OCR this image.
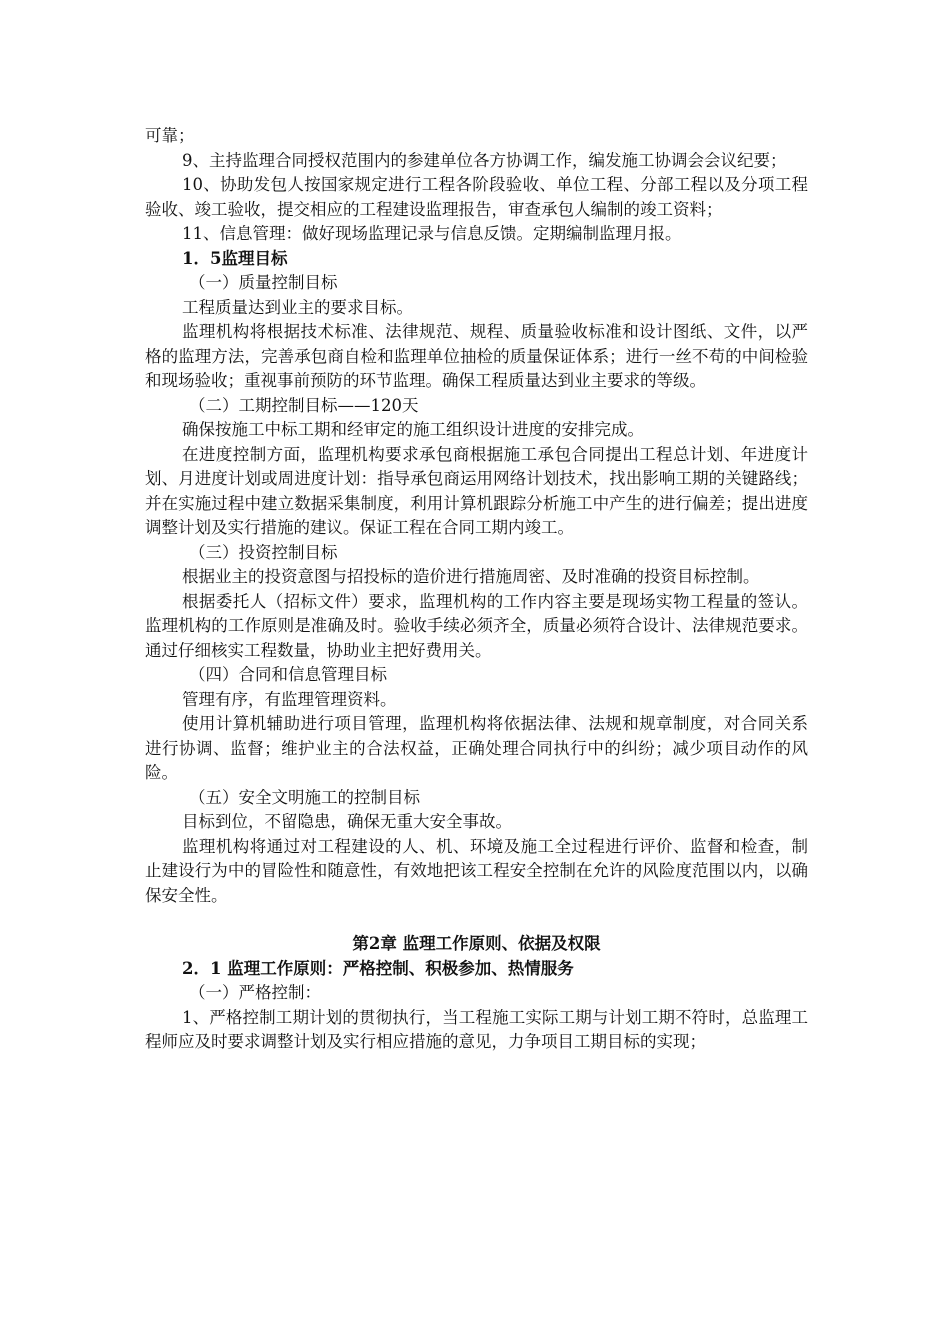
可靠；

9、主持监理合同授权范围内的参建单位各方协调工作，编发施工协调会会议纪要；

10、协助发包人按国家规定进行工程各阶段验收、单位工程、分部工程以及分项工程验收、竣工验收，提交相应的工程建设监理报告，审查承包人编制的竣工资料；

11、信息管理：做好现场监理记录与信息反馈。定期编制监理月报。

1．5监理目标

（一）质量控制目标

工程质量达到业主的要求目标。

监理机构将根据技术标准、法律规范、规程、质量验收标准和设计图纸、文件，以严格的监理方法，完善承包商自检和监理单位抽检的质量保证体系；进行一丝不苟的中间检验和现场验收；重视事前预防的环节监理。确保工程质量达到业主要求的等级。

（二）工期控制目标——120天

确保按施工中标工期和经审定的施工组织设计进度的安排完成。

在进度控制方面，监理机构要求承包商根据施工承包合同提出工程总计划、年进度计划、月进度计划或周进度计划：指导承包商运用网络计划技术，找出影响工期的关键路线；并在实施过程中建立数据采集制度，利用计算机跟踪分析施工中产生的进行偏差；提出进度调整计划及实行措施的建议。保证工程在合同工期内竣工。

（三）投资控制目标

根据业主的投资意图与招投标的造价进行措施周密、及时准确的投资目标控制。

根据委托人（招标文件）要求，监理机构的工作内容主要是现场实物工程量的签认。监理机构的工作原则是准确及时。验收手续必须齐全，质量必须符合设计、法律规范要求。通过仔细核实工程数量，协助业主把好费用关。

（四）合同和信息管理目标

管理有序，有监理管理资料。

使用计算机辅助进行项目管理，监理机构将依据法律、法规和规章制度，对合同关系进行协调、监督；维护业主的合法权益，正确处理合同执行中的纠纷；减少项目动作的风险。

（五）安全文明施工的控制目标

目标到位，不留隐患，确保无重大安全事故。

监理机构将通过对工程建设的人、机、环境及施工全过程进行评价、监督和检查，制止建设行为中的冒险性和随意性，有效地把该工程安全控制在允许的风险度范围以内，以确保安全性。

第2章 监理工作原则、依据及权限

2．1 监理工作原则：严格控制、积极参加、热情服务

（一）严格控制：

1、严格控制工期计划的贯彻执行，当工程施工实际工期与计划工期不符时，总监理工程师应及时要求调整计划及实行相应措施的意见，力争项目工期目标的实现；
